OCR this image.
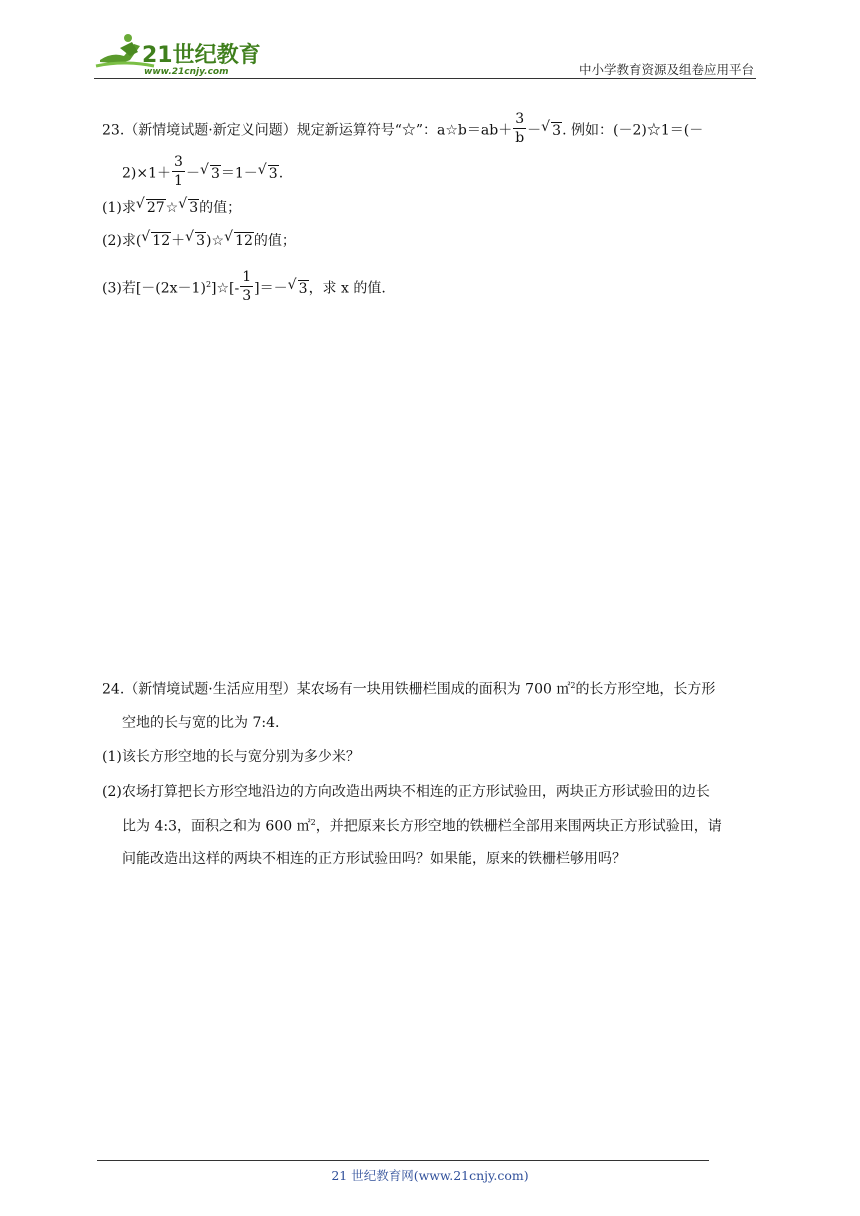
21世纪教育
www.21cnjy.com	中小学教育资源及组卷应用平台
23.（新情境试题·新定义问题）规定新运算符号“☆”：a☆b＝ab＋ $\frac{3}{b}$ － √ 3. 例如：(－2)☆1＝(－
$2)\times 1+ \frac{3}{1}$ － √ 3＝1－ √ 3.
(1)求 √ 27☆ √ 3的值；
(2)求( √ 12＋ √ 3)☆ √ 12的值；
(3)若$[-(2x-1)^2]☆[- \frac{1}{3}$ ]＝－ √ 3，求 x 的值.
24.（新情境试题·生活应用型）某农场有一块用铁栅栏围成的面积为 700 ㎡$^2$的长方形空地，长方形
空地的长与宽的比为 7:4.
(1)该长方形空地的长与宽分别为多少米？
(2)农场打算把长方形空地沿边的方向改造出两块不相连的正方形试验田，两块正方形试验田的边长
比为 4:3，面积之和为 600 ㎡$^2$，并把原来长方形空地的铁栅栏全部用来围两块正方形试验田，请
问能改造出这样的两块不相连的正方形试验田吗？如果能，原来的铁栅栏够用吗？
21 世纪教育网(www.21cnjy.com)
